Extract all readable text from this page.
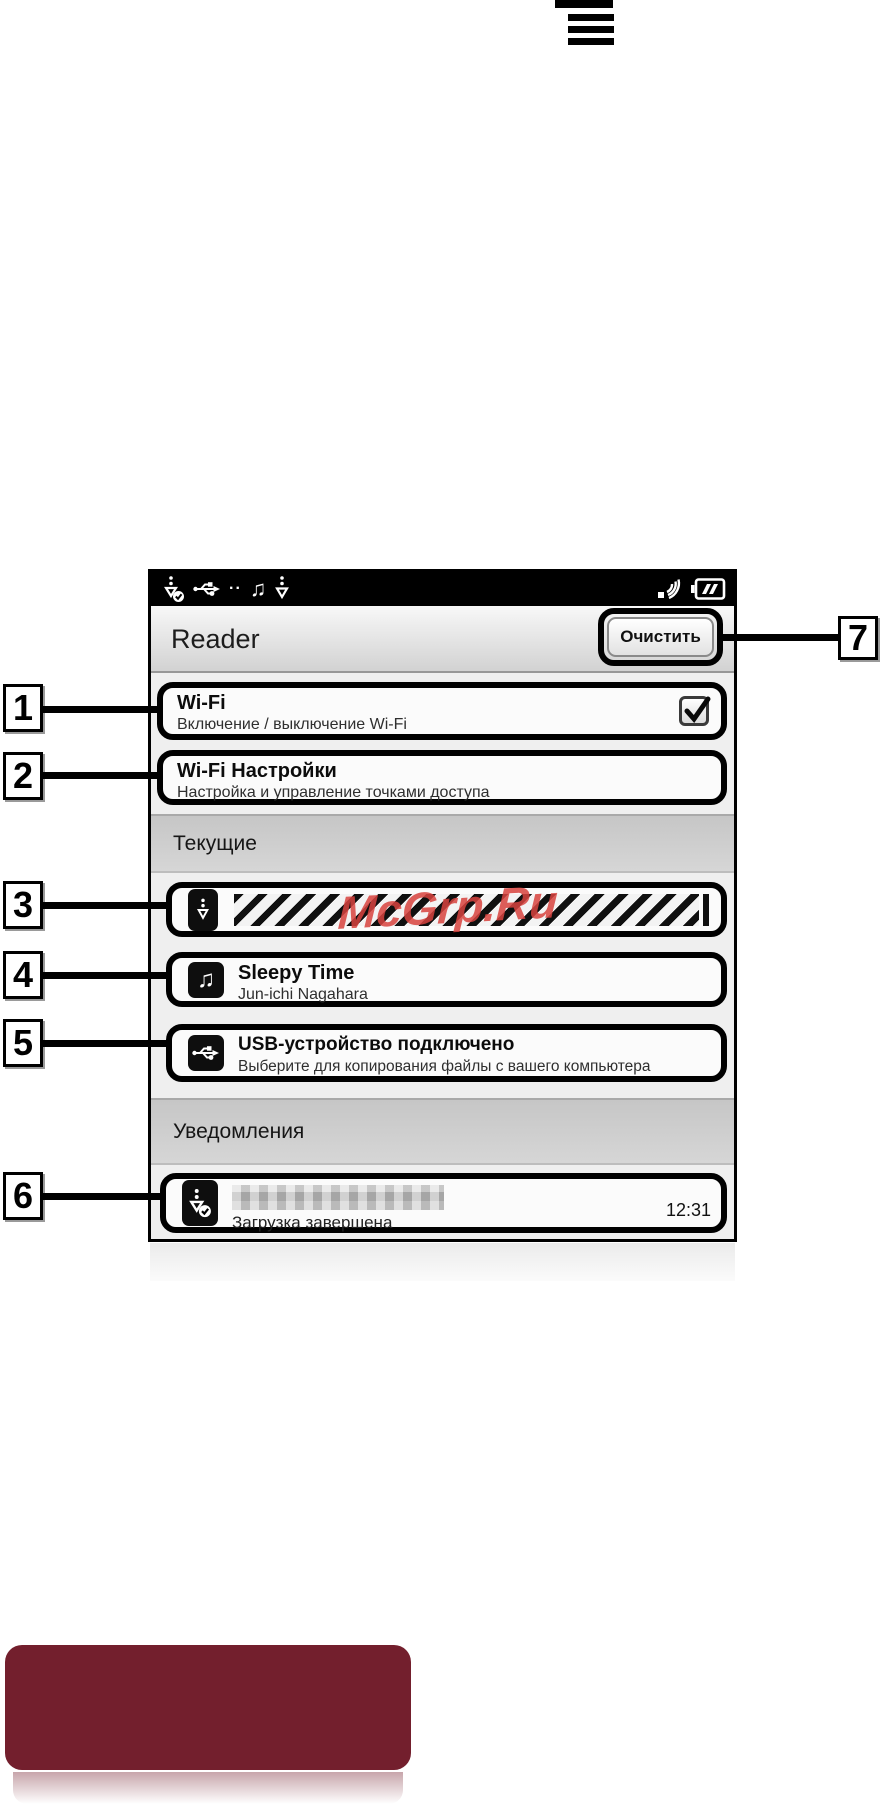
.. ♫
Reader	Очистить
Wi-Fi
Включение / выключение Wi-Fi
Wi-Fi Настройки
Настройка и управление точками доступа
Текущие
♫ Sleepy Time
Jun-ichi Nagahara
USB-устройство подключено
Выберите для копирования файлы с вашего компьютера
Уведомления
Загрузка завершена
12:31
McGrp.Ru
1
2
3
4
5
6
7
